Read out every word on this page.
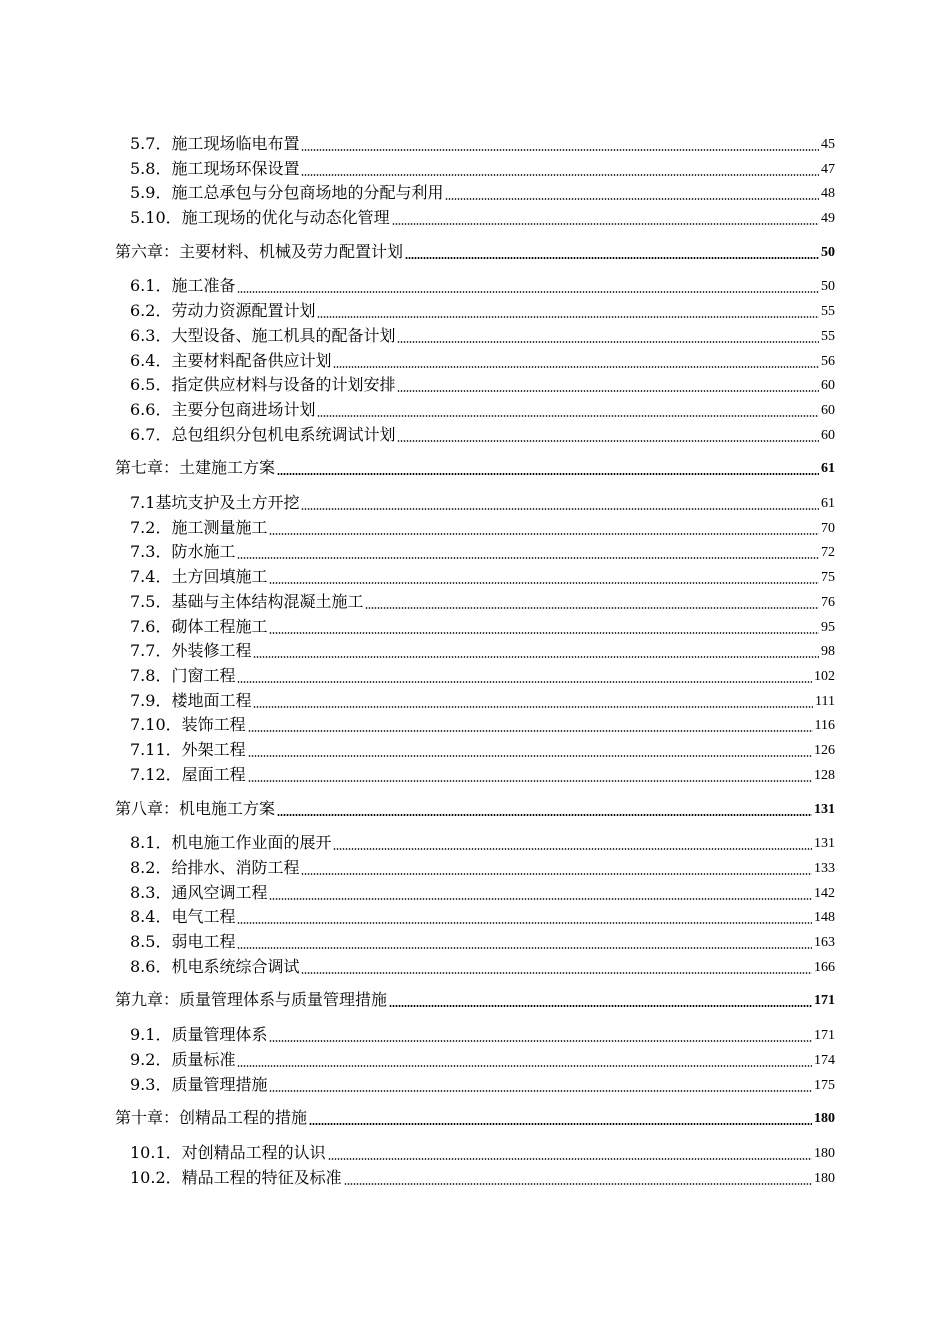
5.7．施工现场临电布置	45
5.8．施工现场环保设置	47
5.9．施工总承包与分包商场地的分配与利用	48
5.10．施工现场的优化与动态化管理	49
第六章：主要材料、机械及劳力配置计划	50
6.1．施工准备	50
6.2．劳动力资源配置计划	55
6.3．大型设备、施工机具的配备计划	55
6.4．主要材料配备供应计划	56
6.5．指定供应材料与设备的计划安排	60
6.6．主要分包商进场计划	60
6.7．总包组织分包机电系统调试计划	60
第七章：土建施工方案	61
7.1基坑支护及土方开挖	61
7.2．施工测量施工	70
7.3．防水施工	72
7.4．土方回填施工	75
7.5．基础与主体结构混凝土施工	76
7.6．砌体工程施工	95
7.7．外装修工程	98
7.8．门窗工程	102
7.9．楼地面工程	111
7.10．装饰工程	116
7.11．外架工程	126
7.12．屋面工程	128
第八章：机电施工方案	131
8.1．机电施工作业面的展开	131
8.2．给排水、消防工程	133
8.3．通风空调工程	142
8.4．电气工程	148
8.5．弱电工程	163
8.6．机电系统综合调试	166
第九章：质量管理体系与质量管理措施	171
9.1．质量管理体系	171
9.2．质量标准	174
9.3．质量管理措施	175
第十章：创精品工程的措施	180
10.1．对创精品工程的认识	180
10.2．精品工程的特征及标准	180
